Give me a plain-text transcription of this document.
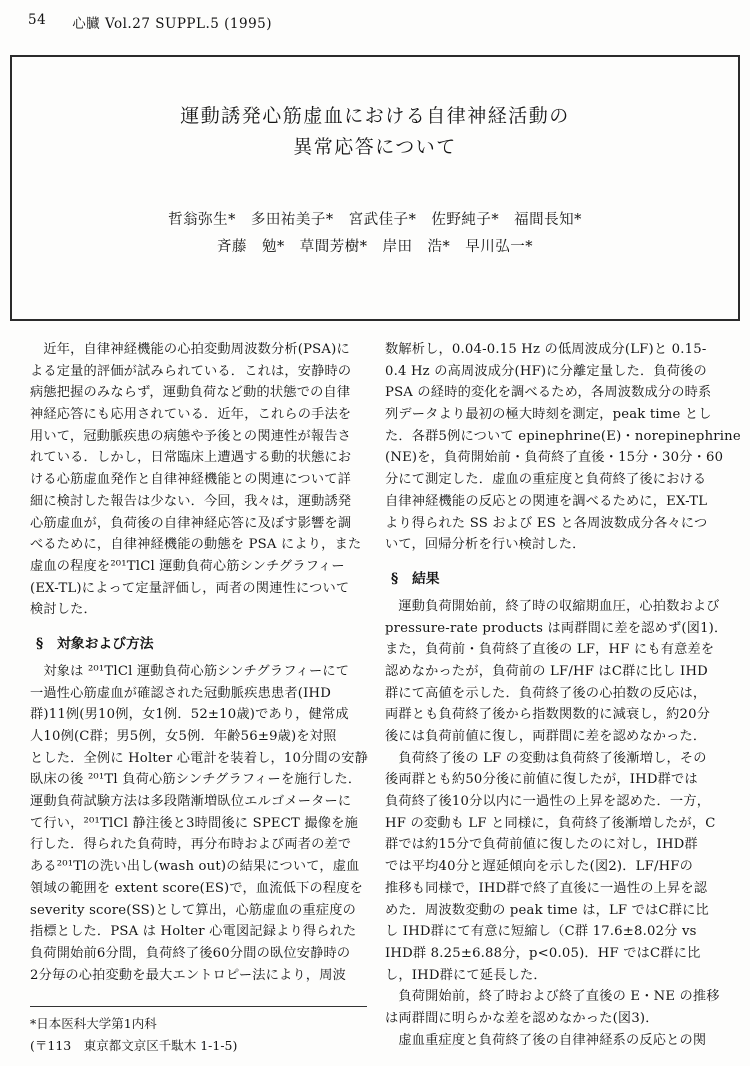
54 心臓 Vol.27 SUPPL.5 (1995)
運動誘発心筋虚血における自律神経活動の
異常応答について
哲翁弥生*　多田祐美子*　宮武佳子*　佐野純子*　福間長知*
斉藤　勉*　草間芳樹*　岸田　浩*　早川弘一*
　近年，自律神経機能の心拍変動周波数分析(PSA)に
よる定量的評価が試みられている．これは，安静時の
病態把握のみならず，運動負荷など動的状態での自律
神経応答にも応用されている．近年，これらの手法を
用いて，冠動脈疾患の病態や予後との関連性が報告さ
れている．しかし，日常臨床上遭遇する動的状態にお
ける心筋虚血発作と自律神経機能との関連について詳
細に検討した報告は少ない．今回，我々は，運動誘発
心筋虚血が，負荷後の自律神経応答に及ぼす影響を調
べるために，自律神経機能の動態を PSA により，また
虚血の程度を²⁰¹TlCl 運動負荷心筋シンチグラフィー
(EX-TL)によって定量評価し，両者の関連性について
検討した．
§　対象および方法
　対象は ²⁰¹TlCl 運動負荷心筋シンチグラフィーにて
一過性心筋虚血が確認された冠動脈疾患患者(IHD
群)11例(男10例，女1例．52±10歳)であり，健常成
人10例(C群；男5例，女5例．年齢56±9歳)を対照
とした．全例に Holter 心電計を装着し，10分間の安静
臥床の後 ²⁰¹Tl 負荷心筋シンチグラフィーを施行した．
運動負荷試験方法は多段階漸増臥位エルゴメーターに
て行い，²⁰¹TlCl 静注後と3時間後に SPECT 撮像を施
行した．得られた負荷時，再分布時および両者の差で
ある²⁰¹Tlの洗い出し(wash out)の結果について，虚血
領域の範囲を extent score(ES)で，血流低下の程度を
severity score(SS)として算出，心筋虚血の重症度の
指標とした．PSA は Holter 心電図記録より得られた
負荷開始前6分間，負荷終了後60分間の臥位安静時の
2分毎の心拍変動を最大エントロピー法により，周波
*日本医科大学第1内科
(〒113　東京都文京区千駄木 1-1-5)
数解析し，0.04-0.15 Hz の低周波成分(LF)と 0.15-
0.4 Hz の高周波成分(HF)に分離定量した．負荷後の
PSA の経時的変化を調べるため，各周波数成分の時系
列データより最初の極大時刻を測定，peak time とし
た．各群5例について epinephrine(E)・norepinephrine
(NE)を，負荷開始前・負荷終了直後・15分・30分・60
分にて測定した．虚血の重症度と負荷終了後における
自律神経機能の反応との関連を調べるために，EX-TL
より得られた SS および ES と各周波数成分各々につ
いて，回帰分析を行い検討した．
§　結果
　運動負荷開始前，終了時の収縮期血圧，心拍数および
pressure-rate products は両群間に差を認めず(図1)．
また，負荷前・負荷終了直後の LF，HF にも有意差を
認めなかったが，負荷前の LF/HF はC群に比し IHD
群にて高値を示した．負荷終了後の心拍数の反応は，
両群とも負荷終了後から指数関数的に減衰し，約20分
後には負荷前値に復し，両群間に差を認めなかった．
　負荷終了後の LF の変動は負荷終了後漸増し，その
後両群とも約50分後に前値に復したが，IHD群では
負荷終了後10分以内に一過性の上昇を認めた．一方，
HF の変動も LF と同様に，負荷終了後漸増したが，C
群では約15分で負荷前値に復したのに対し，IHD群
では平均40分と遅延傾向を示した(図2)．LF/HFの
推移も同様で，IHD群で終了直後に一過性の上昇を認
めた．周波数変動の peak time は，LF ではC群に比
し IHD群にて有意に短縮し（C群 17.6±8.02分 vs
IHD群 8.25±6.88分，p<0.05)．HF ではC群に比
し，IHD群にて延長した．
　負荷開始前，終了時および終了直後の E・NE の推移
は両群間に明らかな差を認めなかった(図3)．
　虚血重症度と負荷終了後の自律神経系の反応との関
